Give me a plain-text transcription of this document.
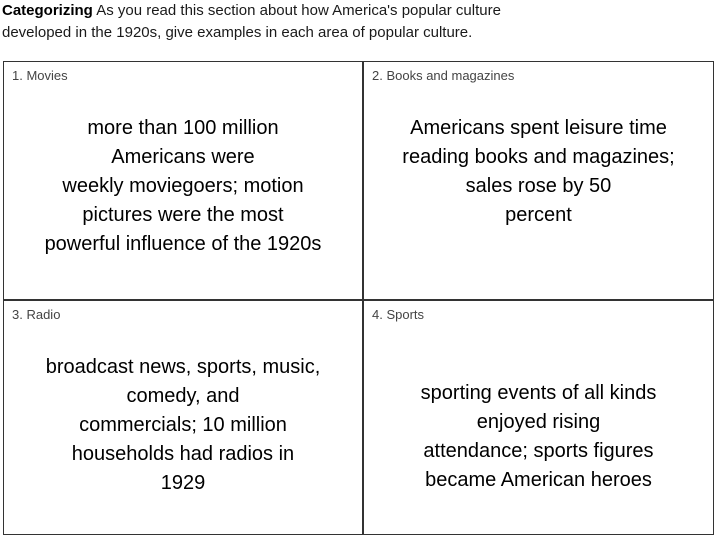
Categorizing As you read this section about how America's popular culture
developed in the 1920s, give examples in each area of popular culture.
1. Movies
more than 100 million
Americans were
weekly moviegoers; motion
pictures were the most
powerful influence of the 1920s
2. Books and magazines
Americans spent leisure time
reading books and magazines;
sales rose by 50
percent
3. Radio
broadcast news, sports, music,
comedy, and
commercials; 10 million
households had radios in
1929
4. Sports
sporting events of all kinds
enjoyed rising
attendance; sports figures
became American heroes
